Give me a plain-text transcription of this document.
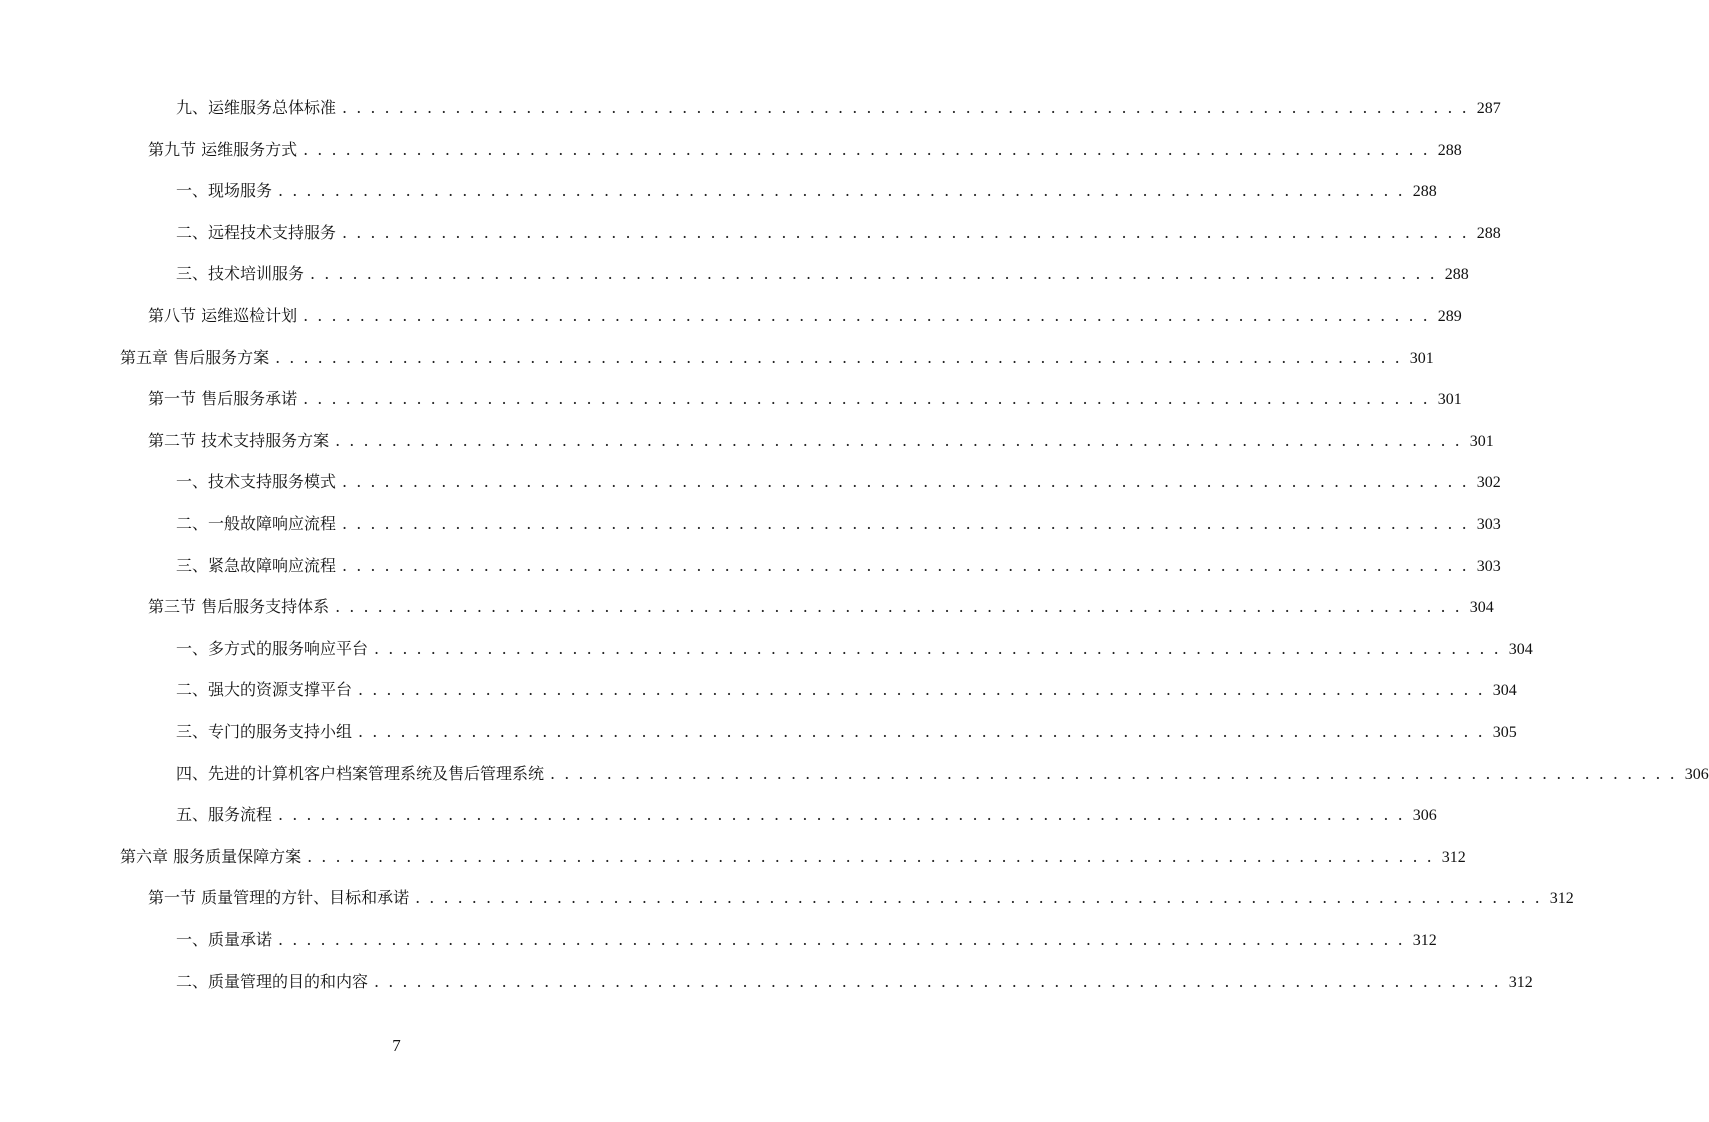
九、运维服务总体标准 . . . . . . . . . . . . . . . . . . . . . . . . . . . . . . . . . . . . . . . . . . . . . . . . . . . . . . . . . . . . . . . . . . . . . . . . . . . . . . . . 287
第九节 运维服务方式 . . . . . . . . . . . . . . . . . . . . . . . . . . . . . . . . . . . . . . . . . . . . . . . . . . . . . . . . . . . . . . . . . . . . . . . . . . . . . . . . 288
一、现场服务 . . . . . . . . . . . . . . . . . . . . . . . . . . . . . . . . . . . . . . . . . . . . . . . . . . . . . . . . . . . . . . . . . . . . . . . . . . . . . . . . 288
二、远程技术支持服务 . . . . . . . . . . . . . . . . . . . . . . . . . . . . . . . . . . . . . . . . . . . . . . . . . . . . . . . . . . . . . . . . . . . . . . . . . . . . . . . . 288
三、技术培训服务 . . . . . . . . . . . . . . . . . . . . . . . . . . . . . . . . . . . . . . . . . . . . . . . . . . . . . . . . . . . . . . . . . . . . . . . . . . . . . . . . 288
第八节 运维巡检计划 . . . . . . . . . . . . . . . . . . . . . . . . . . . . . . . . . . . . . . . . . . . . . . . . . . . . . . . . . . . . . . . . . . . . . . . . . . . . . . . . 289
第五章 售后服务方案 . . . . . . . . . . . . . . . . . . . . . . . . . . . . . . . . . . . . . . . . . . . . . . . . . . . . . . . . . . . . . . . . . . . . . . . . . . . . . . . . 301
第一节 售后服务承诺 . . . . . . . . . . . . . . . . . . . . . . . . . . . . . . . . . . . . . . . . . . . . . . . . . . . . . . . . . . . . . . . . . . . . . . . . . . . . . . . . 301
第二节 技术支持服务方案 . . . . . . . . . . . . . . . . . . . . . . . . . . . . . . . . . . . . . . . . . . . . . . . . . . . . . . . . . . . . . . . . . . . . . . . . . . . . . . . . 301
一、技术支持服务模式 . . . . . . . . . . . . . . . . . . . . . . . . . . . . . . . . . . . . . . . . . . . . . . . . . . . . . . . . . . . . . . . . . . . . . . . . . . . . . . . . 302
二、一般故障响应流程 . . . . . . . . . . . . . . . . . . . . . . . . . . . . . . . . . . . . . . . . . . . . . . . . . . . . . . . . . . . . . . . . . . . . . . . . . . . . . . . . 303
三、紧急故障响应流程 . . . . . . . . . . . . . . . . . . . . . . . . . . . . . . . . . . . . . . . . . . . . . . . . . . . . . . . . . . . . . . . . . . . . . . . . . . . . . . . . 303
第三节 售后服务支持体系 . . . . . . . . . . . . . . . . . . . . . . . . . . . . . . . . . . . . . . . . . . . . . . . . . . . . . . . . . . . . . . . . . . . . . . . . . . . . . . . . 304
一、多方式的服务响应平台 . . . . . . . . . . . . . . . . . . . . . . . . . . . . . . . . . . . . . . . . . . . . . . . . . . . . . . . . . . . . . . . . . . . . . . . . . . . . . . . . 304
二、强大的资源支撑平台 . . . . . . . . . . . . . . . . . . . . . . . . . . . . . . . . . . . . . . . . . . . . . . . . . . . . . . . . . . . . . . . . . . . . . . . . . . . . . . . . 304
三、专门的服务支持小组 . . . . . . . . . . . . . . . . . . . . . . . . . . . . . . . . . . . . . . . . . . . . . . . . . . . . . . . . . . . . . . . . . . . . . . . . . . . . . . . . 305
四、先进的计算机客户档案管理系统及售后管理系统 . . . . . . . . . . . . . . . . . . . . . . . . . . . . . . . . . . . . . . . . . . . . . . . . . . . . . . . . . . . . . . . . . . . . . . . . . . . . . . . . 306
五、服务流程 . . . . . . . . . . . . . . . . . . . . . . . . . . . . . . . . . . . . . . . . . . . . . . . . . . . . . . . . . . . . . . . . . . . . . . . . . . . . . . . . 306
第六章 服务质量保障方案 . . . . . . . . . . . . . . . . . . . . . . . . . . . . . . . . . . . . . . . . . . . . . . . . . . . . . . . . . . . . . . . . . . . . . . . . . . . . . . . . 312
第一节 质量管理的方针、目标和承诺 . . . . . . . . . . . . . . . . . . . . . . . . . . . . . . . . . . . . . . . . . . . . . . . . . . . . . . . . . . . . . . . . . . . . . . . . . . . . . . . . 312
一、质量承诺 . . . . . . . . . . . . . . . . . . . . . . . . . . . . . . . . . . . . . . . . . . . . . . . . . . . . . . . . . . . . . . . . . . . . . . . . . . . . . . . . 312
二、质量管理的目的和内容 . . . . . . . . . . . . . . . . . . . . . . . . . . . . . . . . . . . . . . . . . . . . . . . . . . . . . . . . . . . . . . . . . . . . . . . . . . . . . . . . 312
7
